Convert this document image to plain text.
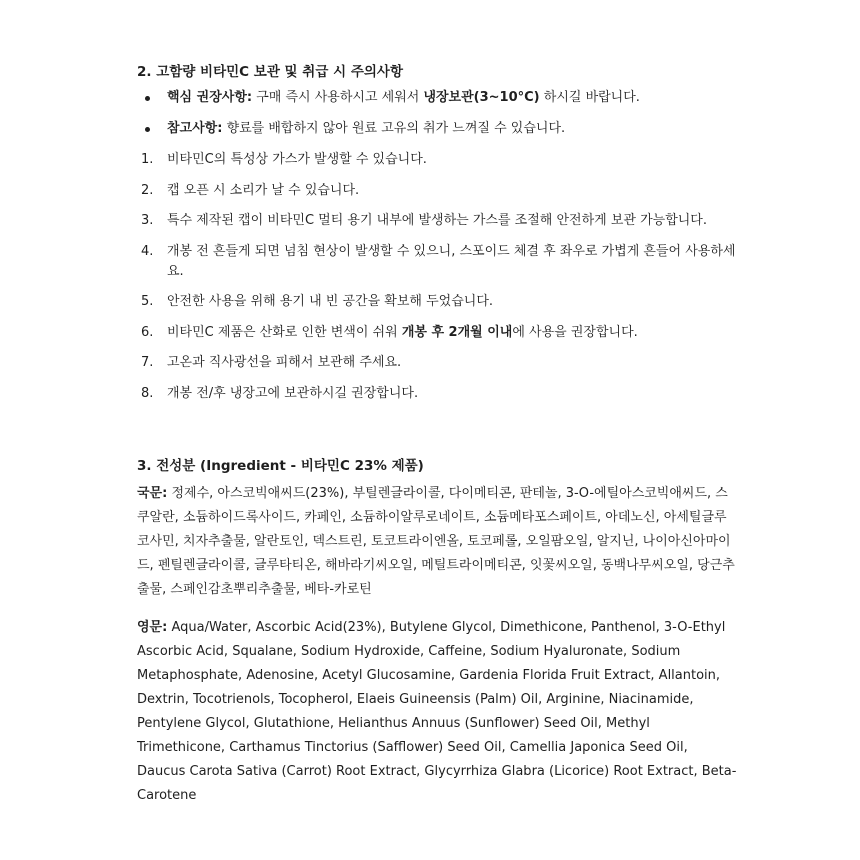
2. 고함량 비타민C 보관 및 취급 시 주의사항
핵심 권장사항: 구매 즉시 사용하시고 세워서 냉장보관(3~10°C) 하시길 바랍니다.
참고사항: 향료를 배합하지 않아 원료 고유의 취가 느껴질 수 있습니다.
1. 비타민C의 특성상 가스가 발생할 수 있습니다.
2. 캡 오픈 시 소리가 날 수 있습니다.
3. 특수 제작된 캡이 비타민C 멀티 용기 내부에 발생하는 가스를 조절해 안전하게 보관 가능합니다.
4. 개봉 전 흔들게 되면 넘침 현상이 발생할 수 있으니, 스포이드 체결 후 좌우로 가볍게 흔들어 사용하세요.
5. 안전한 사용을 위해 용기 내 빈 공간을 확보해 두었습니다.
6. 비타민C 제품은 산화로 인한 변색이 쉬워 개봉 후 2개월 이내에 사용을 권장합니다.
7. 고온과 직사광선을 피해서 보관해 주세요.
8. 개봉 전/후 냉장고에 보관하시길 권장합니다.
3. 전성분 (Ingredient - 비타민C 23% 제품)

국문: 정제수, 아스코빅애씨드(23%), 부틸렌글라이콜, 다이메티콘, 판테놀, 3-O-에틸아스코빅애씨드, 스쿠알란, 소듐하이드록사이드, 카페인, 소듐하이알루로네이트, 소듐메타포스페이트, 아데노신, 아세틸글루코사민, 치자추출물, 알란토인, 덱스트린, 토코트라이엔올, 토코페롤, 오일팜오일, 알지닌, 나이아신아마이드, 펜틸렌글라이콜, 글루타티온, 해바라기씨오일, 메틸트라이메티콘, 잇꽃씨오일, 동백나무씨오일, 당근추출물, 스페인감초뿌리추출물, 베타-카로틴

영문: Aqua/Water, Ascorbic Acid(23%), Butylene Glycol, Dimethicone, Panthenol, 3-O-Ethyl Ascorbic Acid, Squalane, Sodium Hydroxide, Caffeine, Sodium Hyaluronate, Sodium Metaphosphate, Adenosine, Acetyl Glucosamine, Gardenia Florida Fruit Extract, Allantoin, Dextrin, Tocotrienols, Tocopherol, Elaeis Guineensis (Palm) Oil, Arginine, Niacinamide, Pentylene Glycol, Glutathione, Helianthus Annuus (Sunflower) Seed Oil, Methyl Trimethicone, Carthamus Tinctorius (Safflower) Seed Oil, Camellia Japonica Seed Oil, Daucus Carota Sativa (Carrot) Root Extract, Glycyrrhiza Glabra (Licorice) Root Extract, Beta-Carotene
